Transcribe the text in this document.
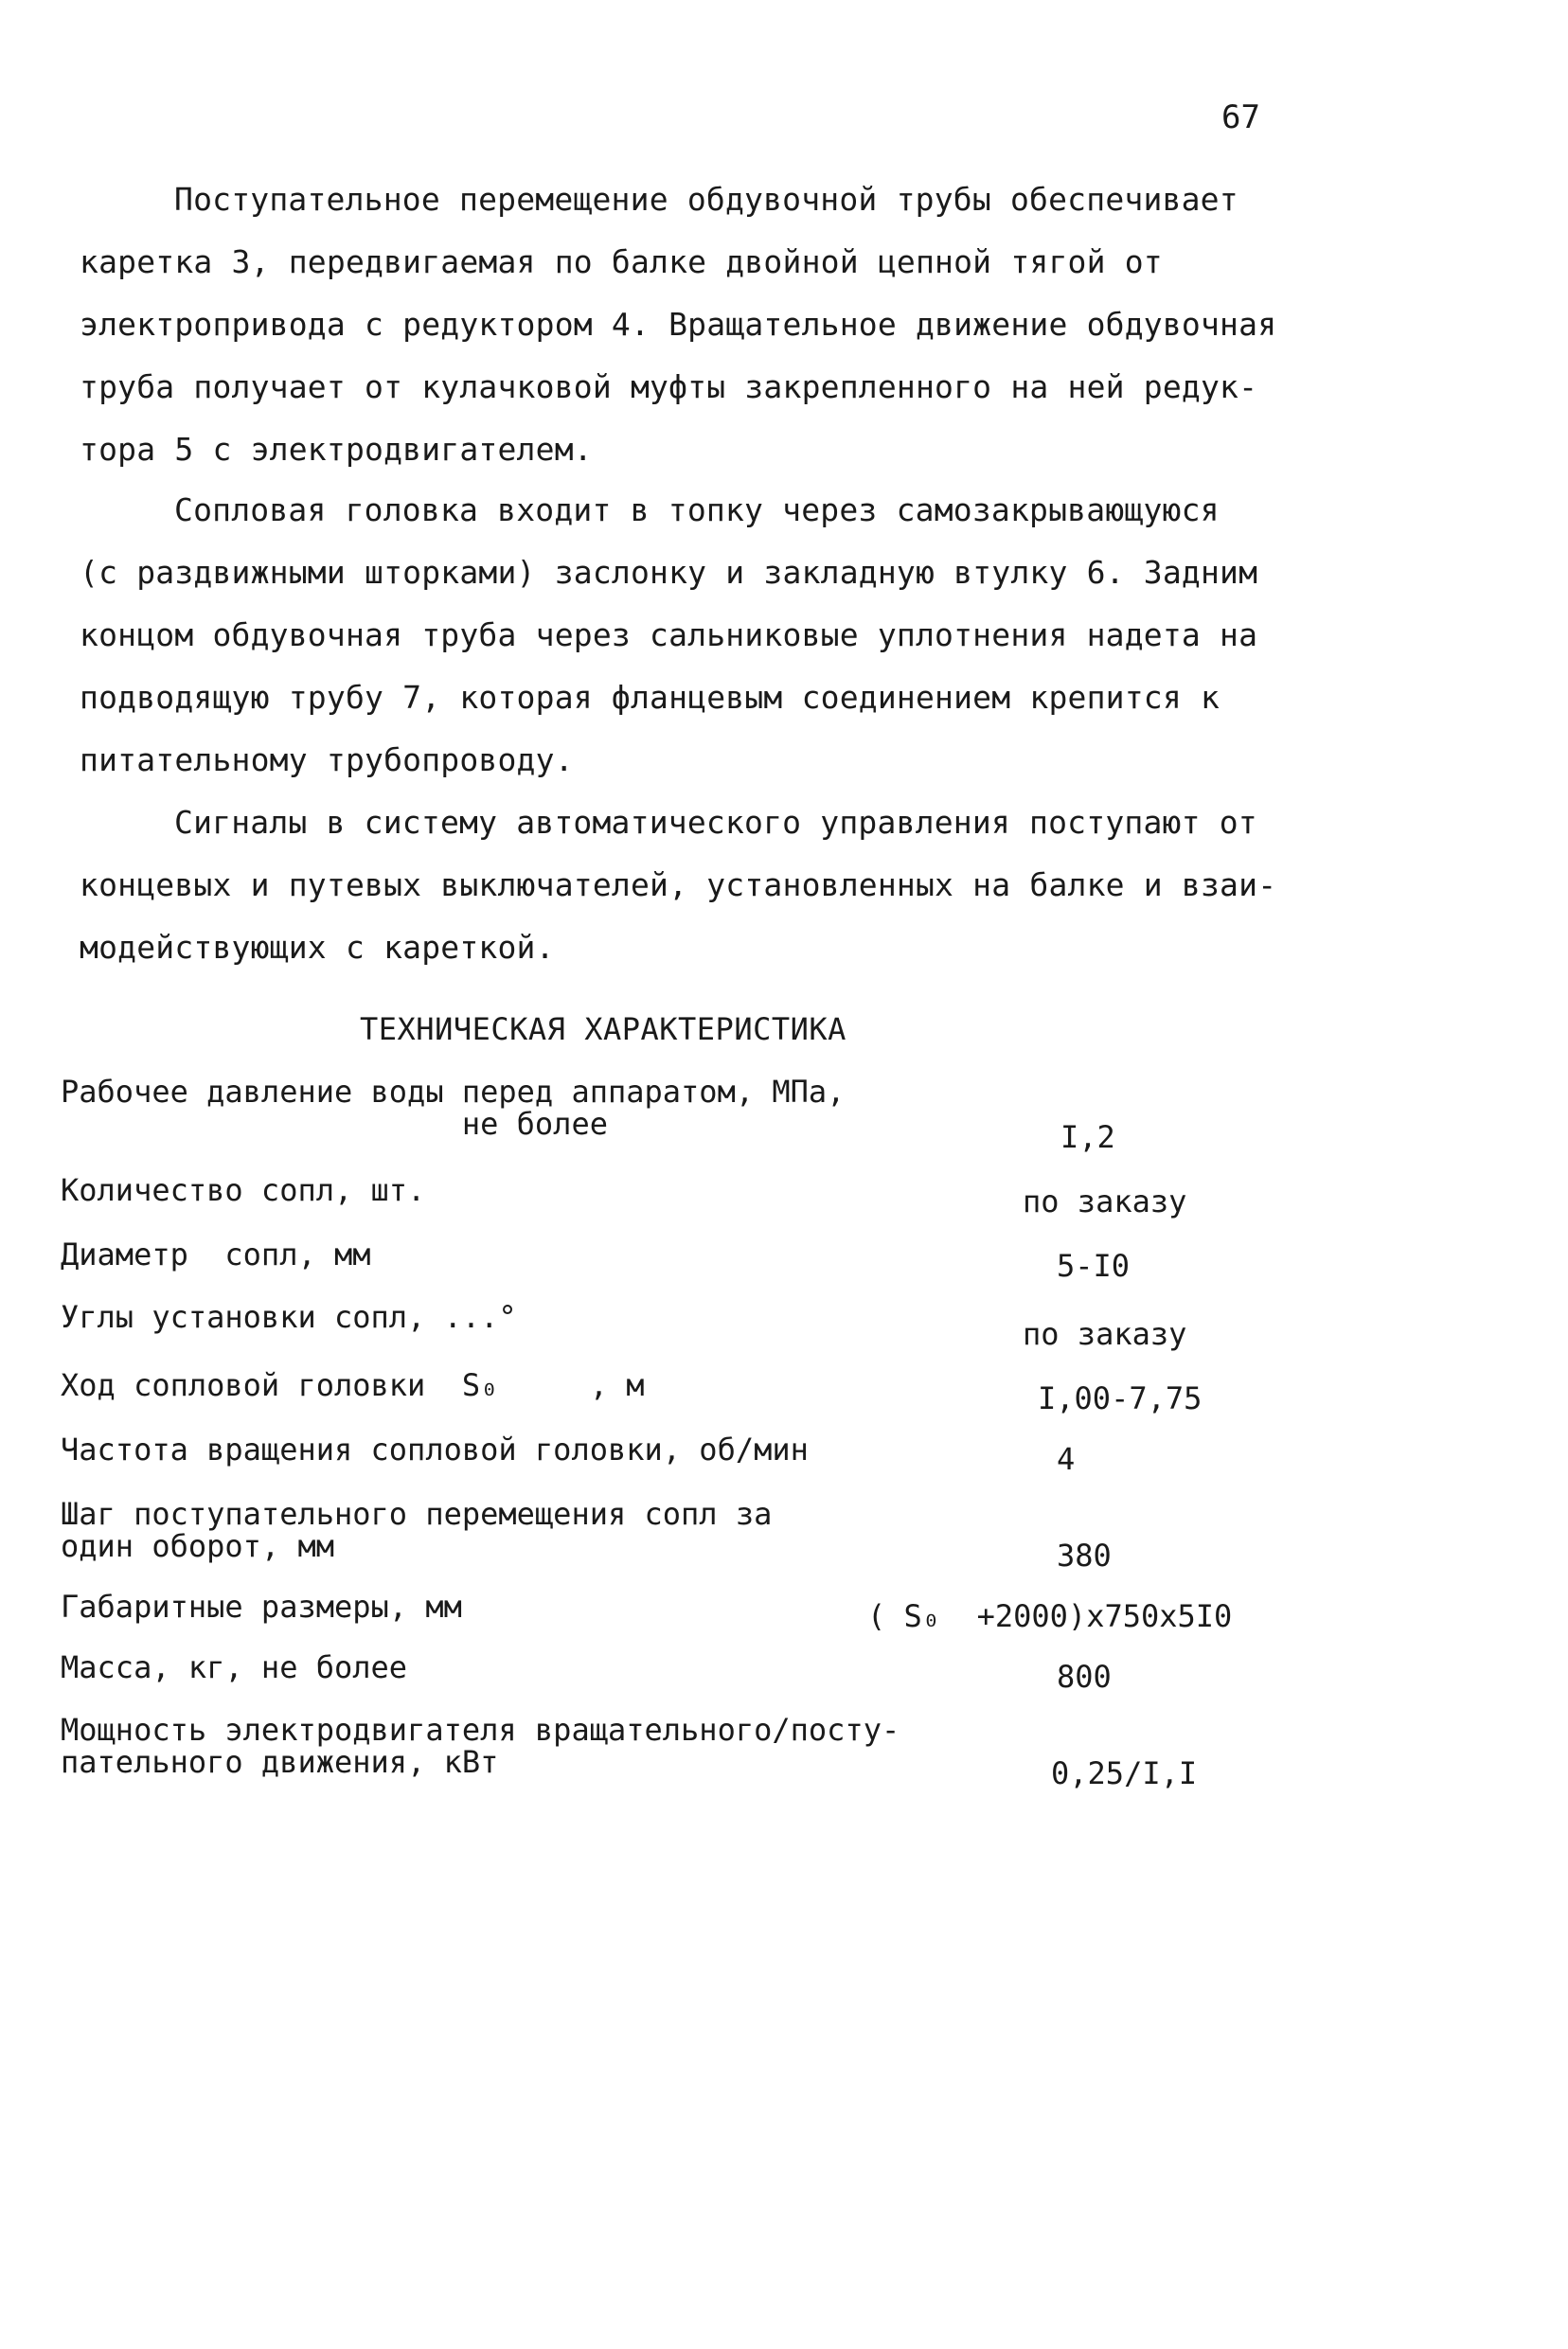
67
Поступательное перемещение обдувочной трубы обеспечивает
каретка 3, передвигаемая по балке двойной цепной тягой от
электропривода с редуктором 4. Вращательное движение обдувочная
труба получает от кулачковой муфты закрепленного на ней редук-
тора 5 с электродвигателем.
Сопловая головка входит в топку через самозакрывающуюся
(с раздвижными шторками) заслонку и закладную втулку 6. Задним
концом обдувочная труба через сальниковые уплотнения надета на
подводящую трубу 7, которая фланцевым соединением крепится к
питательному трубопроводу.
Сигналы в систему автоматического управления поступают от
концевых и путевых выключателей, установленных на балке и взаи-
модействующих с кареткой.
ТЕХНИЧЕСКАЯ ХАРАКТЕРИСТИКА
Рабочее давление воды перед аппаратом, МПа,
не более	I,2
Количество сопл, шт.	по заказу
Диаметр  сопл, мм	5-I0
Углы установки сопл, ...°	по заказу
Ход сопловой головки  S₀     , м	I,00-7,75
Частота вращения сопловой головки, об/мин	4
Шаг поступательного перемещения сопл за
один оборот, мм	380
Габаритные размеры, мм	( S₀  +2000)x750x5I0
Масса, кг, не более	800
Мощность электродвигателя вращательного/посту-
пательного движения, кВт	0,25/I,I
